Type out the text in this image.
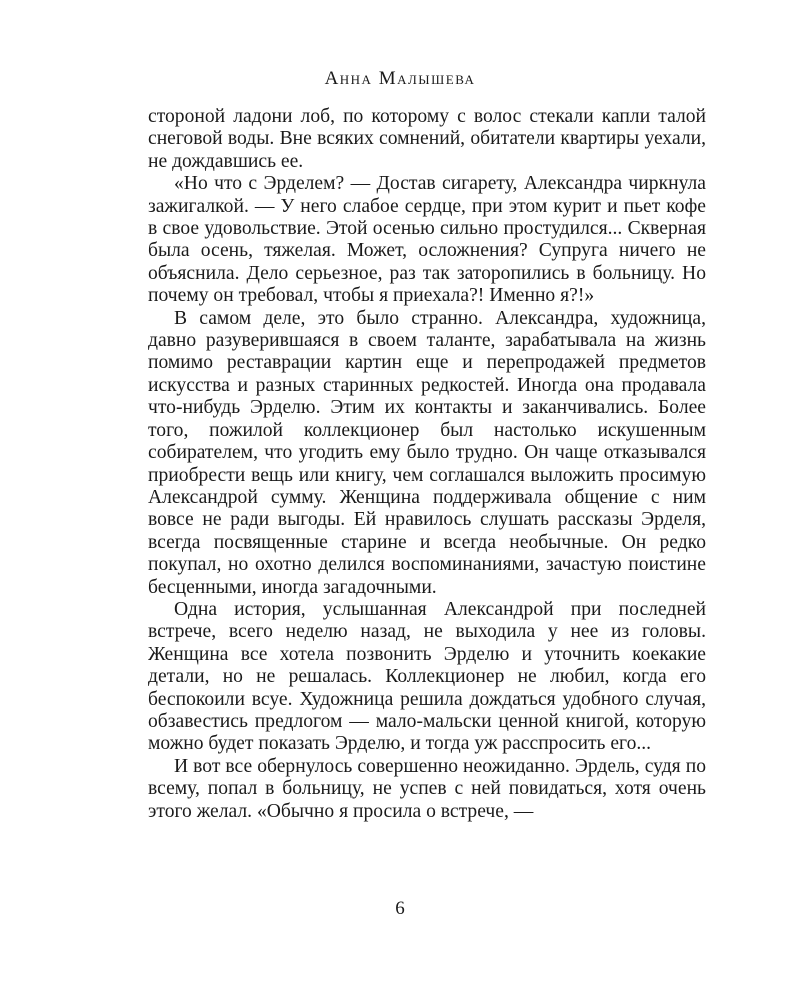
Анна Малышева

стороной ладони лоб, по которому с волос стекали капли талой снеговой воды. Вне всяких сомнений, обитатели квартиры уехали, не дождавшись ее.

«Но что с Эрделем? — Достав сигарету, Александра чиркнула зажигалкой. — У него слабое сердце, при этом курит и пьет кофе в свое удовольствие. Этой осенью сильно простудился... Скверная была осень, тяжелая. Может, осложнения? Супруга ничего не объяснила. Дело серьезное, раз так заторопились в больницу. Но почему он требовал, чтобы я приехала?! Именно я?!»

В самом деле, это было странно. Александра, художница, давно разуверившаяся в своем таланте, зарабатывала на жизнь помимо реставрации картин еще и перепродажей предметов искусства и разных старинных редкостей. Иногда она продавала что-нибудь Эрделю. Этим их контакты и заканчивались. Более того, пожилой коллекционер был настолько искушенным собирателем, что угодить ему было трудно. Он чаще отказывался приобрести вещь или книгу, чем соглашался выложить просимую Александрой сумму. Женщина поддерживала общение с ним вовсе не ради выгоды. Ей нравилось слушать рассказы Эрделя, всегда посвященные старине и всегда необычные. Он редко покупал, но охотно делился воспоминаниями, зачастую поистине бесценными, иногда загадочными.

Одна история, услышанная Александрой при последней встрече, всего неделю назад, не выходила у нее из головы. Женщина все хотела позвонить Эрделю и уточнить коекакие детали, но не решалась. Коллекционер не любил, когда его беспокоили всуе. Художница решила дождаться удобного случая, обзавестись предлогом — мало-мальски ценной книгой, которую можно будет показать Эрделю, и тогда уж расспросить его...

И вот все обернулось совершенно неожиданно. Эрдель, судя по всему, попал в больницу, не успев с ней повидаться, хотя очень этого желал. «Обычно я просила о встрече, —

6
